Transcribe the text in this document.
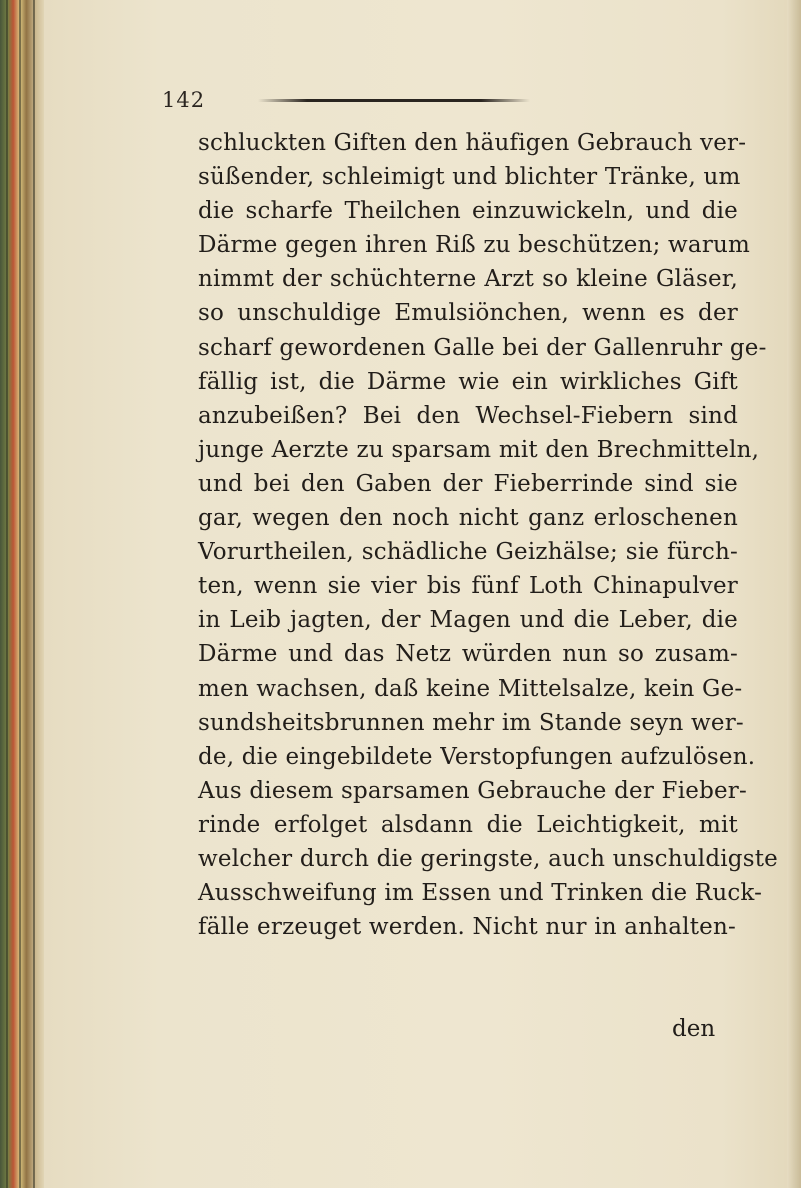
142
schluckten Giften den häufigen Gebrauch ver-
süßender, schleimigt und blichter Tränke, um
die scharfe Theilchen einzuwickeln, und die
Därme gegen ihren Riß zu beschützen; warum
nimmt der schüchterne Arzt so kleine Gläser,
so unschuldige Emulsiönchen, wenn es der
scharf gewordenen Galle bei der Gallenruhr ge-
fällig ist, die Därme wie ein wirkliches Gift
anzubeißen? Bei den Wechsel-Fiebern sind
junge Aerzte zu sparsam mit den Brechmitteln,
und bei den Gaben der Fieberrinde sind sie
gar, wegen den noch nicht ganz erloschenen
Vorurtheilen, schädliche Geizhälse; sie fürch-
ten, wenn sie vier bis fünf Loth Chinapulver
in Leib jagten, der Magen und die Leber, die
Därme und das Netz würden nun so zusam-
men wachsen, daß keine Mittelsalze, kein Ge-
sundsheitsbrunnen mehr im Stande seyn wer-
de, die eingebildete Verstopfungen aufzulösen.
Aus diesem sparsamen Gebrauche der Fieber-
rinde erfolget alsdann die Leichtigkeit, mit
welcher durch die geringste, auch unschuldigste
Ausschweifung im Essen und Trinken die Ruck-
fälle erzeuget werden. Nicht nur in anhalten-
den
